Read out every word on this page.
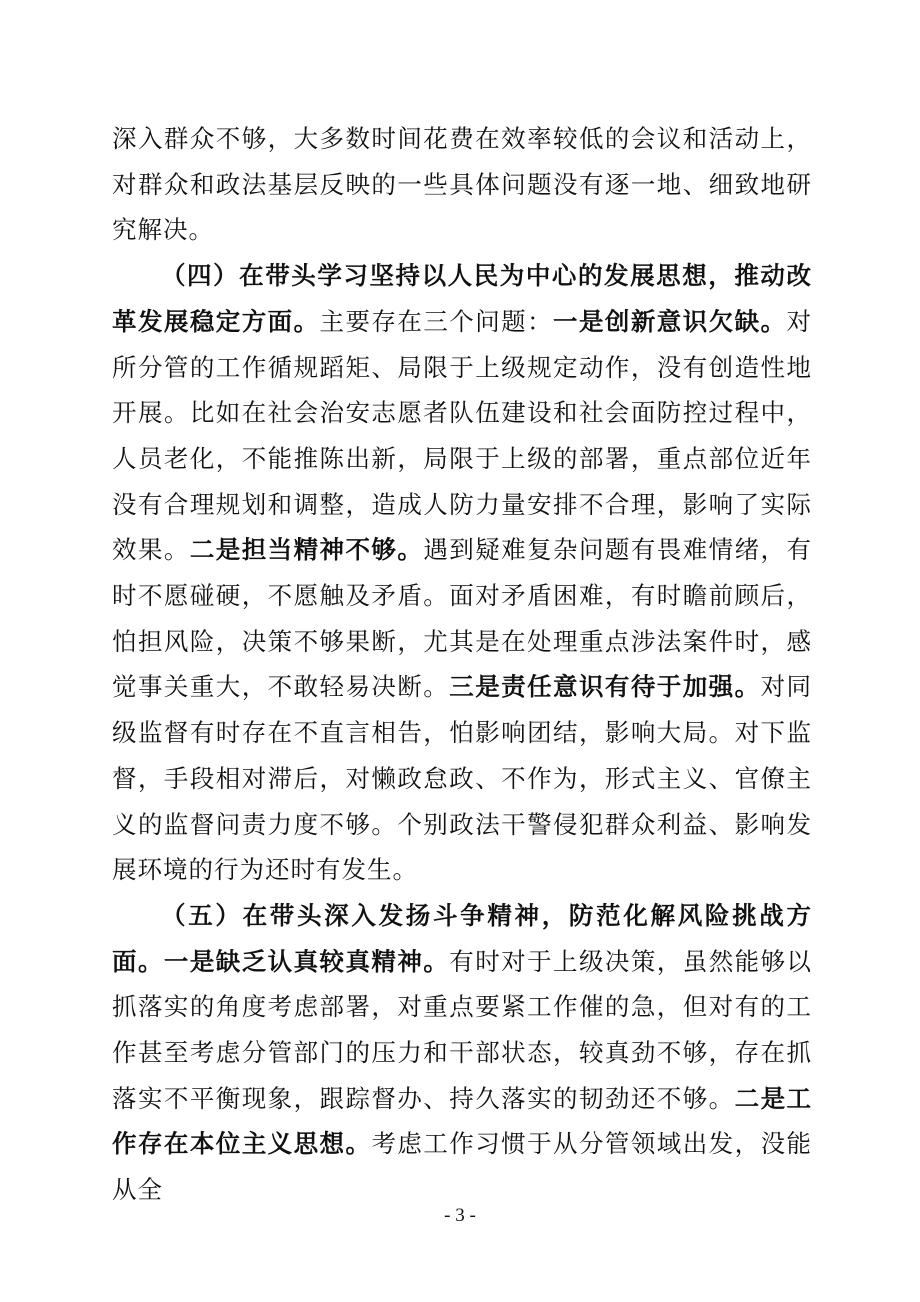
深入群众不够，大多数时间花费在效率较低的会议和活动上，对群众和政法基层反映的一些具体问题没有逐一地、细致地研究解决。

（四）在带头学习坚持以人民为中心的发展思想，推动改革发展稳定方面。主要存在三个问题：一是创新意识欠缺。对所分管的工作循规蹈矩、局限于上级规定动作，没有创造性地开展。比如在社会治安志愿者队伍建设和社会面防控过程中，人员老化，不能推陈出新，局限于上级的部署，重点部位近年没有合理规划和调整，造成人防力量安排不合理，影响了实际效果。二是担当精神不够。遇到疑难复杂问题有畏难情绪，有时不愿碰硬，不愿触及矛盾。面对矛盾困难，有时瞻前顾后，怕担风险，决策不够果断，尤其是在处理重点涉法案件时，感觉事关重大，不敢轻易决断。三是责任意识有待于加强。对同级监督有时存在不直言相告，怕影响团结，影响大局。对下监督，手段相对滞后，对懒政怠政、不作为，形式主义、官僚主义的监督问责力度不够。个别政法干警侵犯群众利益、影响发展环境的行为还时有发生。

（五）在带头深入发扬斗争精神，防范化解风险挑战方面。一是缺乏认真较真精神。有时对于上级决策，虽然能够以抓落实的角度考虑部署，对重点要紧工作催的急，但对有的工作甚至考虑分管部门的压力和干部状态，较真劲不够，存在抓落实不平衡现象，跟踪督办、持久落实的韧劲还不够。二是工作存在本位主义思想。考虑工作习惯于从分管领域出发，没能从全

- 3 -
